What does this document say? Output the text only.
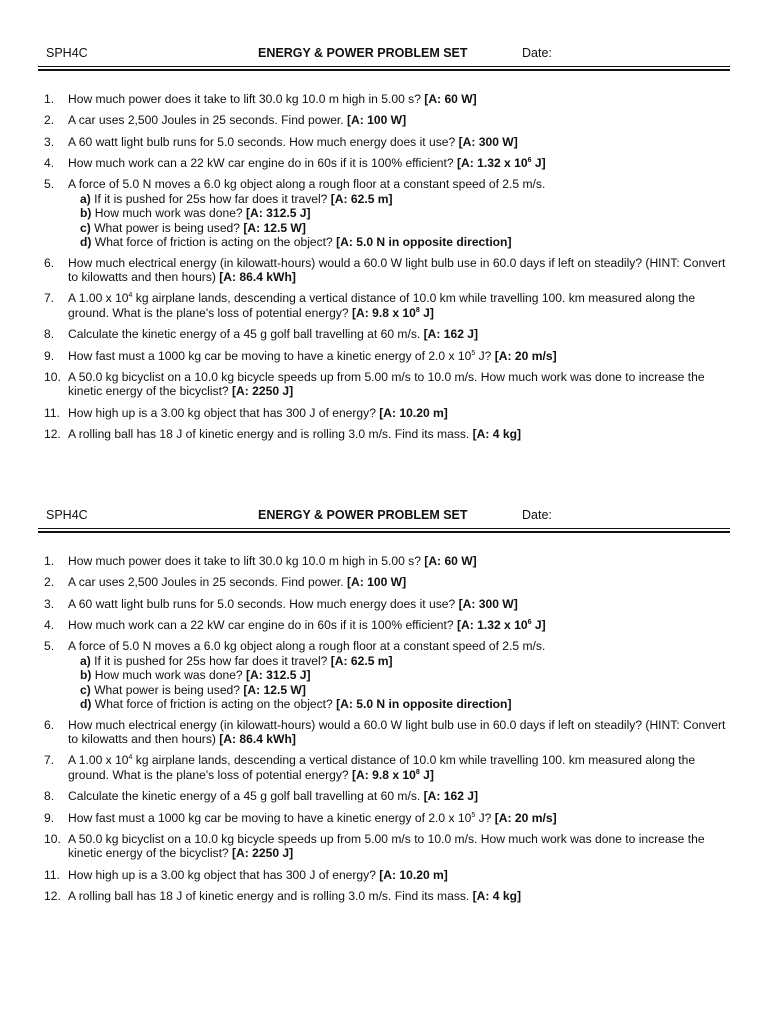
SPH4C	ENERGY & POWER PROBLEM SET	Date:
1. How much power does it take to lift 30.0 kg 10.0 m high in 5.00 s? [A: 60 W]
2. A car uses 2,500 Joules in 25 seconds. Find power. [A: 100 W]
3. A 60 watt light bulb runs for 5.0 seconds. How much energy does it use? [A: 300 W]
4. How much work can a 22 kW car engine do in 60s if it is 100% efficient? [A: 1.32 x $10^6$ J]
5. A force of 5.0 N moves a 6.0 kg object along a rough floor at a constant speed of 2.5 m/s.
a) If it is pushed for 25s how far does it travel? [A: 62.5 m]
b) How much work was done? [A: 312.5 J]
c) What power is being used? [A: 12.5 W]
d) What force of friction is acting on the object? [A: 5.0 N in opposite direction]
6. How much electrical energy (in kilowatt-hours) would a 60.0 W light bulb use in 60.0 days if left on steadily? (HINT: Convert to kilowatts and then hours) [A: 86.4 kWh]
7. A 1.00 x $10^4$ kg airplane lands, descending a vertical distance of 10.0 km while travelling 100. km measured along the ground. What is the plane's loss of potential energy? [A: 9.8 x $10^8$ J]
8. Calculate the kinetic energy of a 45 g golf ball travelling at 60 m/s. [A: 162 J]
9. How fast must a 1000 kg car be moving to have a kinetic energy of 2.0 x $10^5$ J? [A: 20 m/s]
10. A 50.0 kg bicyclist on a 10.0 kg bicycle speeds up from 5.00 m/s to 10.0 m/s. How much work was done to increase the kinetic energy of the bicyclist? [A: 2250 J]
11. How high up is a 3.00 kg object that has 300 J of energy? [A: 10.20 m]
12. A rolling ball has 18 J of kinetic energy and is rolling 3.0 m/s. Find its mass. [A: 4 kg]
SPH4C	ENERGY & POWER PROBLEM SET	Date:
1. How much power does it take to lift 30.0 kg 10.0 m high in 5.00 s? [A: 60 W]
2. A car uses 2,500 Joules in 25 seconds. Find power. [A: 100 W]
3. A 60 watt light bulb runs for 5.0 seconds. How much energy does it use? [A: 300 W]
4. How much work can a 22 kW car engine do in 60s if it is 100% efficient? [A: 1.32 x $10^6$ J]
5. A force of 5.0 N moves a 6.0 kg object along a rough floor at a constant speed of 2.5 m/s.
a) If it is pushed for 25s how far does it travel? [A: 62.5 m]
b) How much work was done? [A: 312.5 J]
c) What power is being used? [A: 12.5 W]
d) What force of friction is acting on the object? [A: 5.0 N in opposite direction]
6. How much electrical energy (in kilowatt-hours) would a 60.0 W light bulb use in 60.0 days if left on steadily? (HINT: Convert to kilowatts and then hours) [A: 86.4 kWh]
7. A 1.00 x $10^4$ kg airplane lands, descending a vertical distance of 10.0 km while travelling 100. km measured along the ground. What is the plane's loss of potential energy? [A: 9.8 x $10^8$ J]
8. Calculate the kinetic energy of a 45 g golf ball travelling at 60 m/s. [A: 162 J]
9. How fast must a 1000 kg car be moving to have a kinetic energy of 2.0 x $10^5$ J? [A: 20 m/s]
10. A 50.0 kg bicyclist on a 10.0 kg bicycle speeds up from 5.00 m/s to 10.0 m/s. How much work was done to increase the kinetic energy of the bicyclist? [A: 2250 J]
11. How high up is a 3.00 kg object that has 300 J of energy? [A: 10.20 m]
12. A rolling ball has 18 J of kinetic energy and is rolling 3.0 m/s. Find its mass. [A: 4 kg]
